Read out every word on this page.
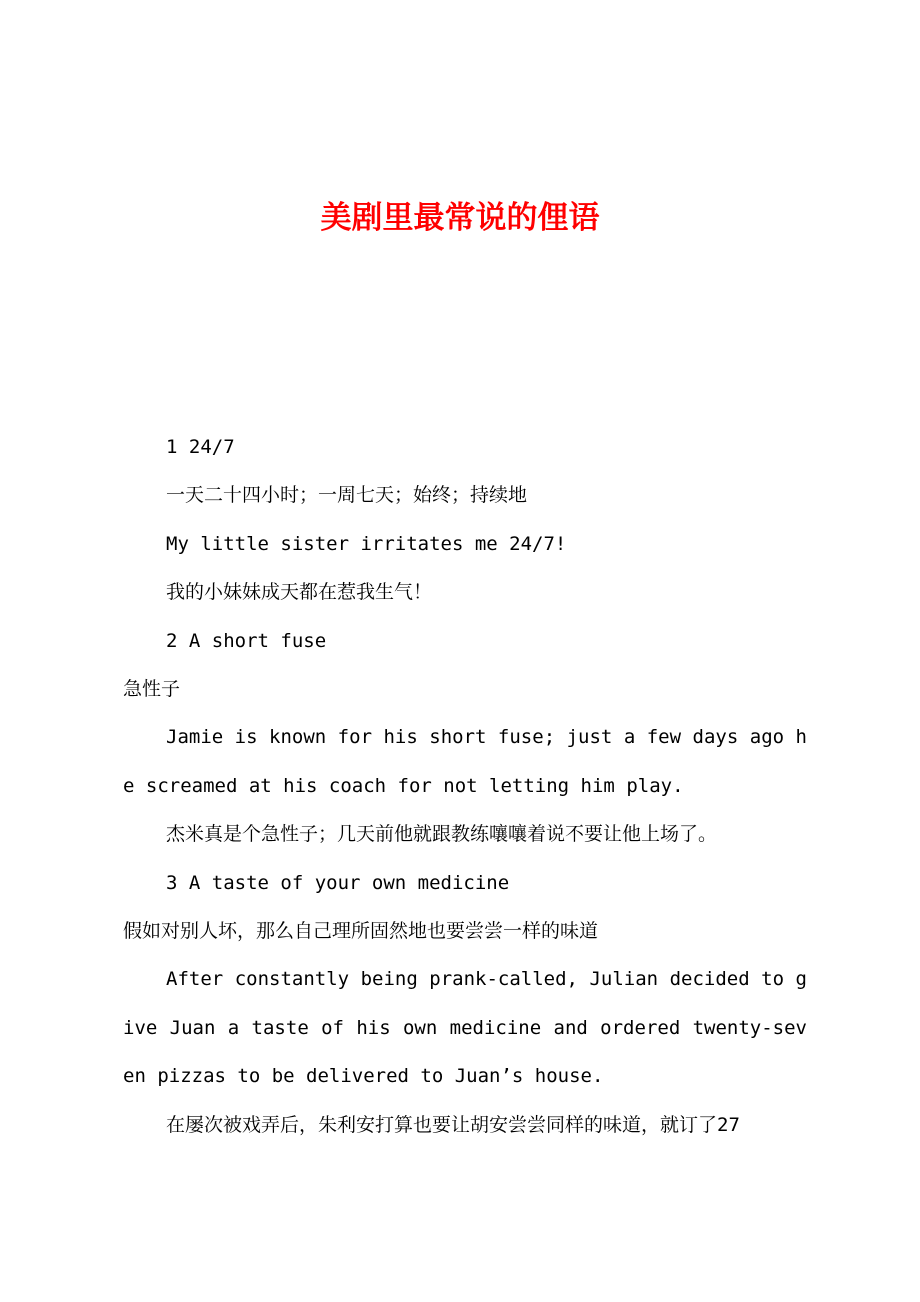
美剧里最常说的俚语

1 24/7

一天二十四小时；一周七天；始终；持续地

My little sister irritates me 24/7!

我的小妹妹成天都在惹我生气！

2 A short fuse

急性子

Jamie is known for his short fuse; just a few days ago he screamed at his coach for not letting him play.

杰米真是个急性子；几天前他就跟教练嚷嚷着说不要让他上场了。

3 A taste of your own medicine

假如对别人坏，那么自己理所固然地也要尝尝一样的味道

After constantly being prank-called, Julian decided to give Juan a taste of his own medicine and ordered twenty-seven pizzas to be delivered to Juan’s house.

在屡次被戏弄后，朱利安打算也要让胡安尝尝同样的味道，就订了27
